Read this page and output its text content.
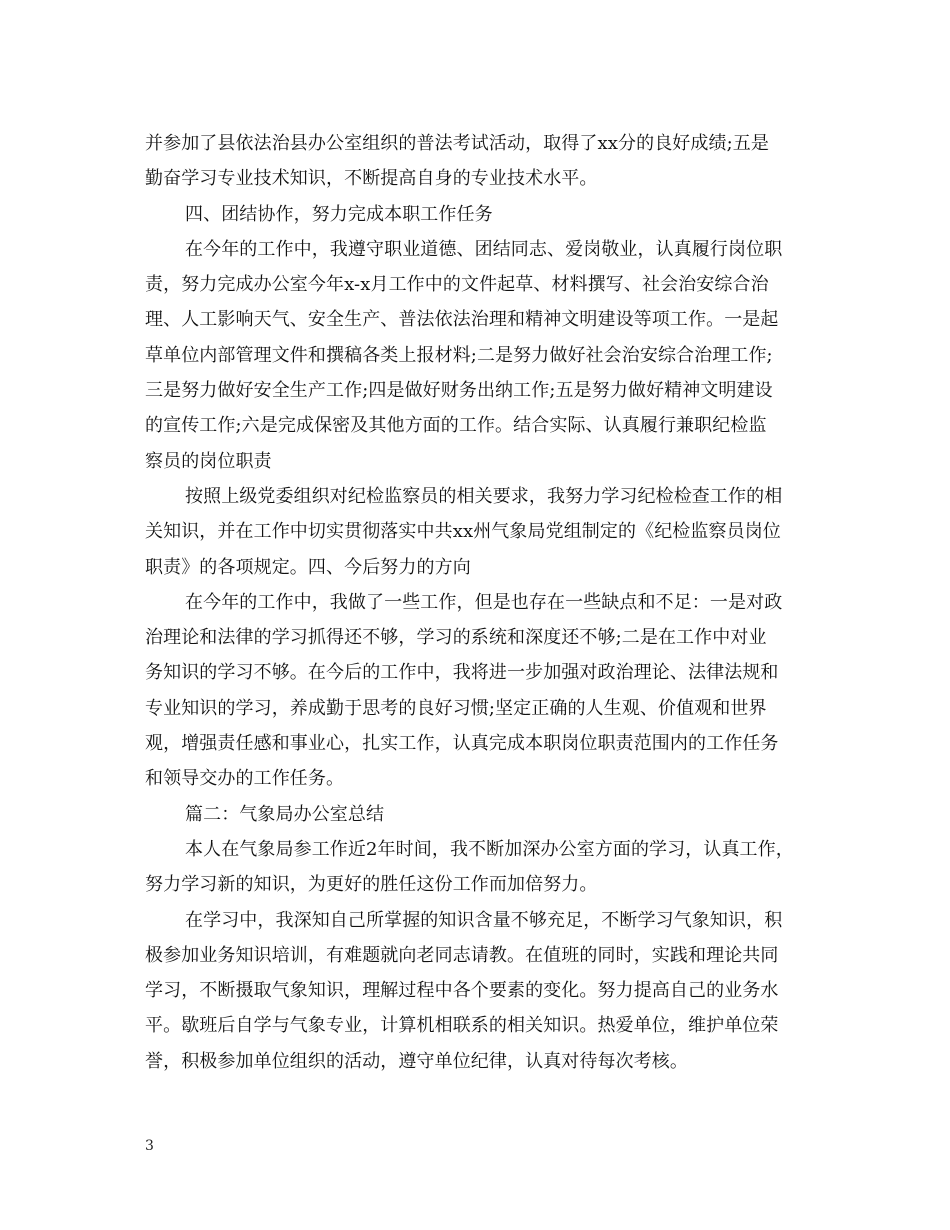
并参加了县依法治县办公室组织的普法考试活动，取得了xx分的良好成绩;五是
勤奋学习专业技术知识，不断提高自身的专业技术水平。
四、团结协作，努力完成本职工作任务
在今年的工作中，我遵守职业道德、团结同志、爱岗敬业，认真履行岗位职
责，努力完成办公室今年x-x月工作中的文件起草、材料撰写、社会治安综合治
理、人工影响天气、安全生产、普法依法治理和精神文明建设等项工作。一是起
草单位内部管理文件和撰稿各类上报材料;二是努力做好社会治安综合治理工作;
三是努力做好安全生产工作;四是做好财务出纳工作;五是努力做好精神文明建设
的宣传工作;六是完成保密及其他方面的工作。结合实际、认真履行兼职纪检监
察员的岗位职责
按照上级党委组织对纪检监察员的相关要求，我努力学习纪检检查工作的相
关知识，并在工作中切实贯彻落实中共xx州气象局党组制定的《纪检监察员岗位
职责》的各项规定。四、今后努力的方向
在今年的工作中，我做了一些工作，但是也存在一些缺点和不足：一是对政
治理论和法律的学习抓得还不够，学习的系统和深度还不够;二是在工作中对业
务知识的学习不够。在今后的工作中，我将进一步加强对政治理论、法律法规和
专业知识的学习，养成勤于思考的良好习惯;坚定正确的人生观、价值观和世界
观，增强责任感和事业心，扎实工作，认真完成本职岗位职责范围内的工作任务
和领导交办的工作任务。
篇二：气象局办公室总结
本人在气象局参工作近2年时间，我不断加深办公室方面的学习，认真工作，
努力学习新的知识，为更好的胜任这份工作而加倍努力。
在学习中，我深知自己所掌握的知识含量不够充足，不断学习气象知识，积
极参加业务知识培训，有难题就向老同志请教。在值班的同时，实践和理论共同
学习，不断摄取气象知识，理解过程中各个要素的变化。努力提高自己的业务水
平。歇班后自学与气象专业，计算机相联系的相关知识。热爱单位，维护单位荣
誉，积极参加单位组织的活动，遵守单位纪律，认真对待每次考核。
3
